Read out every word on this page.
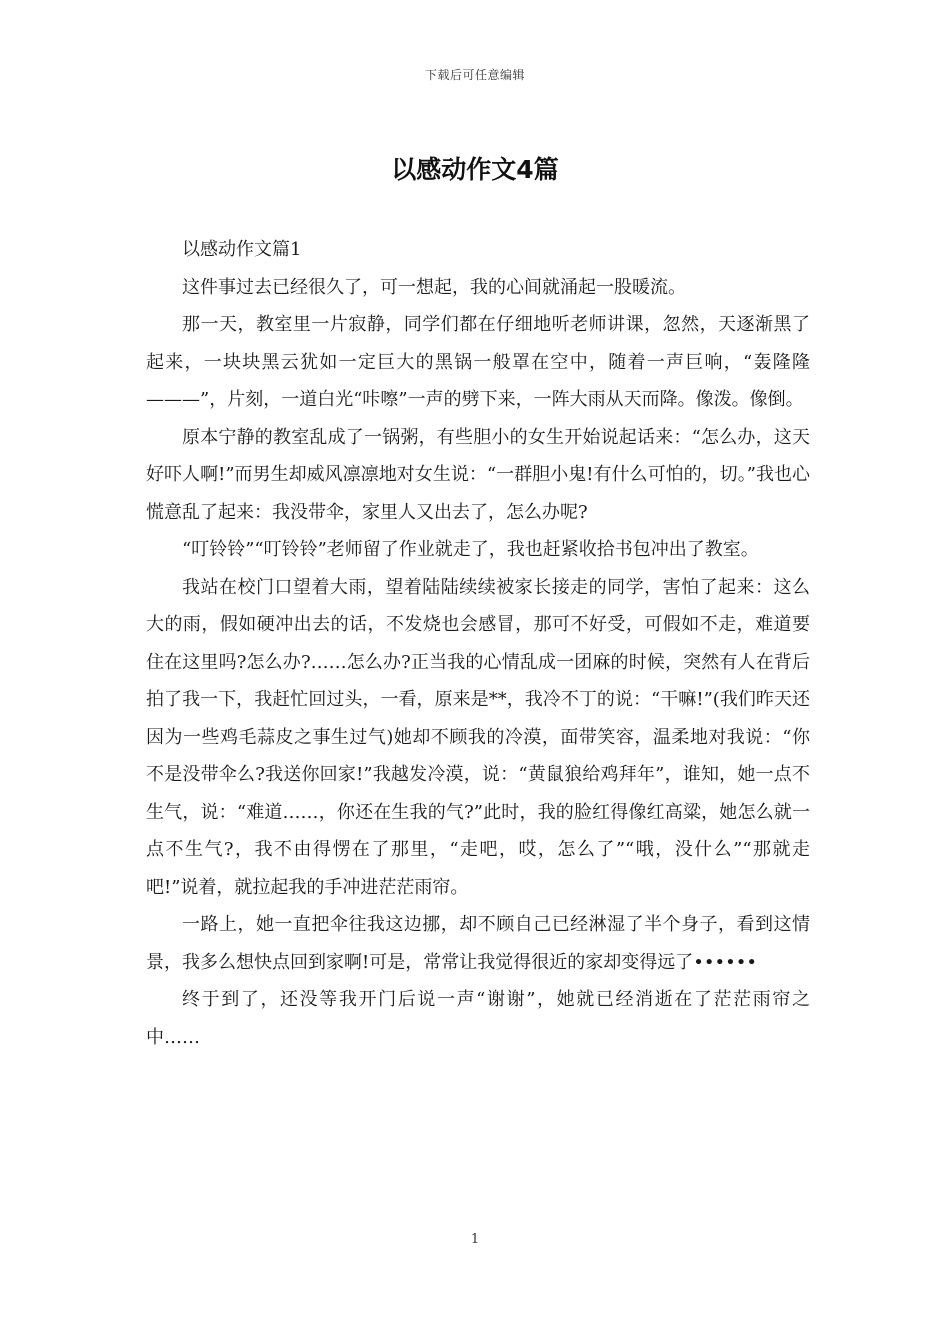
下载后可任意编辑
以感动作文4篇

以感动作文篇1

这件事过去已经很久了，可一想起，我的心间就涌起一股暖流。

那一天，教室里一片寂静，同学们都在仔细地听老师讲课，忽然，天逐渐黑了起来，一块块黑云犹如一定巨大的黑锅一般罩在空中，随着一声巨响，“轰隆隆———”，片刻，一道白光“咔嚓”一声的劈下来，一阵大雨从天而降。像泼。像倒。

原本宁静的教室乱成了一锅粥，有些胆小的女生开始说起话来：“怎么办，这天好吓人啊!”而男生却威风凛凛地对女生说：“一群胆小鬼!有什么可怕的，切。”我也心慌意乱了起来：我没带伞，家里人又出去了，怎么办呢?

“叮铃铃”“叮铃铃”老师留了作业就走了，我也赶紧收拾书包冲出了教室。

我站在校门口望着大雨，望着陆陆续续被家长接走的同学，害怕了起来：这么大的雨，假如硬冲出去的话，不发烧也会感冒，那可不好受，可假如不走，难道要住在这里吗?怎么办?……怎么办?正当我的心情乱成一团麻的时候，突然有人在背后拍了我一下，我赶忙回过头，一看，原来是**，我冷不丁的说：“干嘛!”(我们昨天还因为一些鸡毛蒜皮之事生过气)她却不顾我的冷漠，面带笑容，温柔地对我说：“你不是没带伞么?我送你回家!”我越发冷漠，说：“黄鼠狼给鸡拜年”，谁知，她一点不生气，说：“难道……，你还在生我的气?”此时，我的脸红得像红高粱，她怎么就一点不生气?，我不由得愣在了那里，“走吧，哎，怎么了”“哦，没什么”“那就走吧!”说着，就拉起我的手冲进茫茫雨帘。

一路上，她一直把伞往我这边挪，却不顾自己已经淋湿了半个身子，看到这情景，我多么想快点回到家啊!可是，常常让我觉得很近的家却变得远了••••••

终于到了，还没等我开门后说一声“谢谢”，她就已经消逝在了茫茫雨帘之中……

1
